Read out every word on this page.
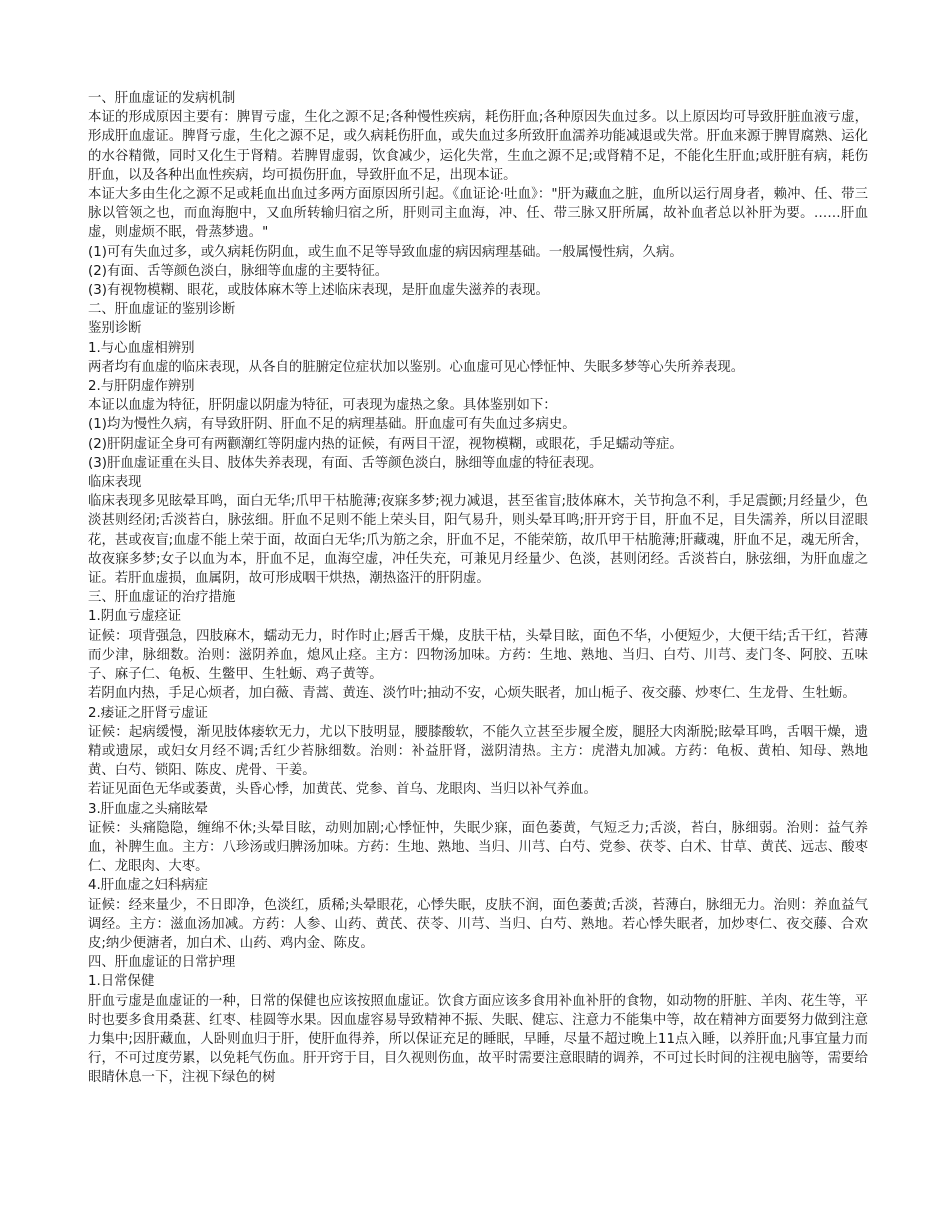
一、肝血虚证的发病机制

本证的形成原因主要有：脾胃亏虚，生化之源不足;各种慢性疾病，耗伤肝血;各种原因失血过多。以上原因均可导致肝脏血液亏虚，形成肝血虚证。脾肾亏虚，生化之源不足，或久病耗伤肝血，或失血过多所致肝血濡养功能减退或失常。肝血来源于脾胃腐熟、运化的水谷精微，同时又化生于肾精。若脾胃虚弱，饮食减少，运化失常，生血之源不足;或肾精不足，不能化生肝血;或肝脏有病，耗伤肝血，以及各种出血性疾病，均可损伤肝血，导致肝血不足，出现本证。

本证大多由生化之源不足或耗血出血过多两方面原因所引起。《血证论·吐血》："肝为藏血之脏，血所以运行周身者，赖冲、任、带三脉以管领之也，而血海胞中，又血所转输归宿之所，肝则司主血海，冲、任、带三脉又肝所属，故补血者总以补肝为要。……肝血虚，则虚烦不眠，骨蒸梦遗。"

(1)可有失血过多，或久病耗伤阴血，或生血不足等导致血虚的病因病理基础。一般属慢性病，久病。

(2)有面、舌等颜色淡白，脉细等血虚的主要特征。

(3)有视物模糊、眼花，或肢体麻木等上述临床表现，是肝血虚失滋养的表现。

二、肝血虚证的鉴别诊断

鉴别诊断

1.与心血虚相辨别

两者均有血虚的临床表现，从各自的脏腑定位症状加以鉴别。心血虚可见心悸怔忡、失眠多梦等心失所养表现。

2.与肝阴虚作辨别

本证以血虚为特征，肝阴虚以阴虚为特征，可表现为虚热之象。具体鉴别如下：

(1)均为慢性久病，有导致肝阴、肝血不足的病理基础。肝血虚可有失血过多病史。

(2)肝阴虚证全身可有两颧潮红等阴虚内热的证候，有两目干涩，视物模糊，或眼花，手足蠕动等症。

(3)肝血虚证重在头目、肢体失养表现，有面、舌等颜色淡白，脉细等血虚的特征表现。

临床表现

临床表现多见眩晕耳鸣，面白无华;爪甲干枯脆薄;夜寐多梦;视力减退，甚至雀盲;肢体麻木，关节拘急不利，手足震颤;月经量少，色淡甚则经闭;舌淡苔白，脉弦细。肝血不足则不能上荣头目，阳气易升，则头晕耳鸣;肝开窍于目，肝血不足，目失濡养，所以目涩眼花，甚或夜盲;血虚不能上荣于面，故面白无华;爪为筋之余，肝血不足，不能荣筋，故爪甲干枯脆薄;肝藏魂，肝血不足，魂无所舍，故夜寐多梦;女子以血为本，肝血不足，血海空虚，冲任失充，可兼见月经量少、色淡，甚则闭经。舌淡苔白，脉弦细，为肝血虚之证。若肝血虚损，血属阴，故可形成咽干烘热，潮热盗汗的肝阴虚。

三、肝血虚证的治疗措施

1.阴血亏虚痉证

证候：项背强急，四肢麻木，蠕动无力，时作时止;唇舌干燥，皮肤干枯，头晕目眩，面色不华，小便短少，大便干结;舌干红，苔薄而少津，脉细数。治则：滋阴养血，熄风止痉。主方：四物汤加味。方药：生地、熟地、当归、白芍、川芎、麦门冬、阿胶、五味子、麻子仁、龟板、生鳖甲、生牡蛎、鸡子黄等。

若阴血内热，手足心烦者，加白薇、青蒿、黄连、淡竹叶;抽动不安，心烦失眠者，加山栀子、夜交藤、炒枣仁、生龙骨、生牡蛎。

2.痿证之肝肾亏虚证

证候：起病缓慢，渐见肢体痿软无力，尤以下肢明显，腰膝酸软，不能久立甚至步履全废，腿胫大肉渐脱;眩晕耳鸣，舌咽干燥，遗精或遗尿，或妇女月经不调;舌红少苔脉细数。治则：补益肝肾，滋阴清热。主方：虎潜丸加减。方药：龟板、黄柏、知母、熟地黄、白芍、锁阳、陈皮、虎骨、干姜。

若证见面色无华或萎黄，头昏心悸，加黄芪、党参、首乌、龙眼肉、当归以补气养血。

3.肝血虚之头痛眩晕

证候：头痛隐隐，缠绵不休;头晕目眩，动则加剧;心悸怔忡，失眠少寐，面色萎黄，气短乏力;舌淡，苔白，脉细弱。治则：益气养血，补脾生血。主方：八珍汤或归脾汤加味。方药：生地、熟地、当归、川芎、白芍、党参、茯苓、白术、甘草、黄芪、远志、酸枣仁、龙眼肉、大枣。

4.肝血虚之妇科病症

证候：经来量少，不日即净，色淡红，质稀;头晕眼花，心悸失眠，皮肤不润，面色萎黄;舌淡，苔薄白，脉细无力。治则：养血益气调经。主方：滋血汤加减。方药：人参、山药、黄芪、茯苓、川芎、当归、白芍、熟地。若心悸失眠者，加炒枣仁、夜交藤、合欢皮;纳少便溏者，加白术、山药、鸡内金、陈皮。

四、肝血虚证的日常护理

1.日常保健

肝血亏虚是血虚证的一种，日常的保健也应该按照血虚证。饮食方面应该多食用补血补肝的食物，如动物的肝脏、羊肉、花生等，平时也要多食用桑葚、红枣、桂圆等水果。因血虚容易导致精神不振、失眠、健忘、注意力不能集中等，故在精神方面要努力做到注意力集中;因肝藏血，人卧则血归于肝，使肝血得养，所以保证充足的睡眠，早睡，尽量不超过晚上11点入睡，以养肝血;凡事宜量力而行，不可过度劳累，以免耗气伤血。肝开窍于目，目久视则伤血，故平时需要注意眼睛的调养，不可过长时间的注视电脑等，需要给眼睛休息一下，注视下绿色的树
